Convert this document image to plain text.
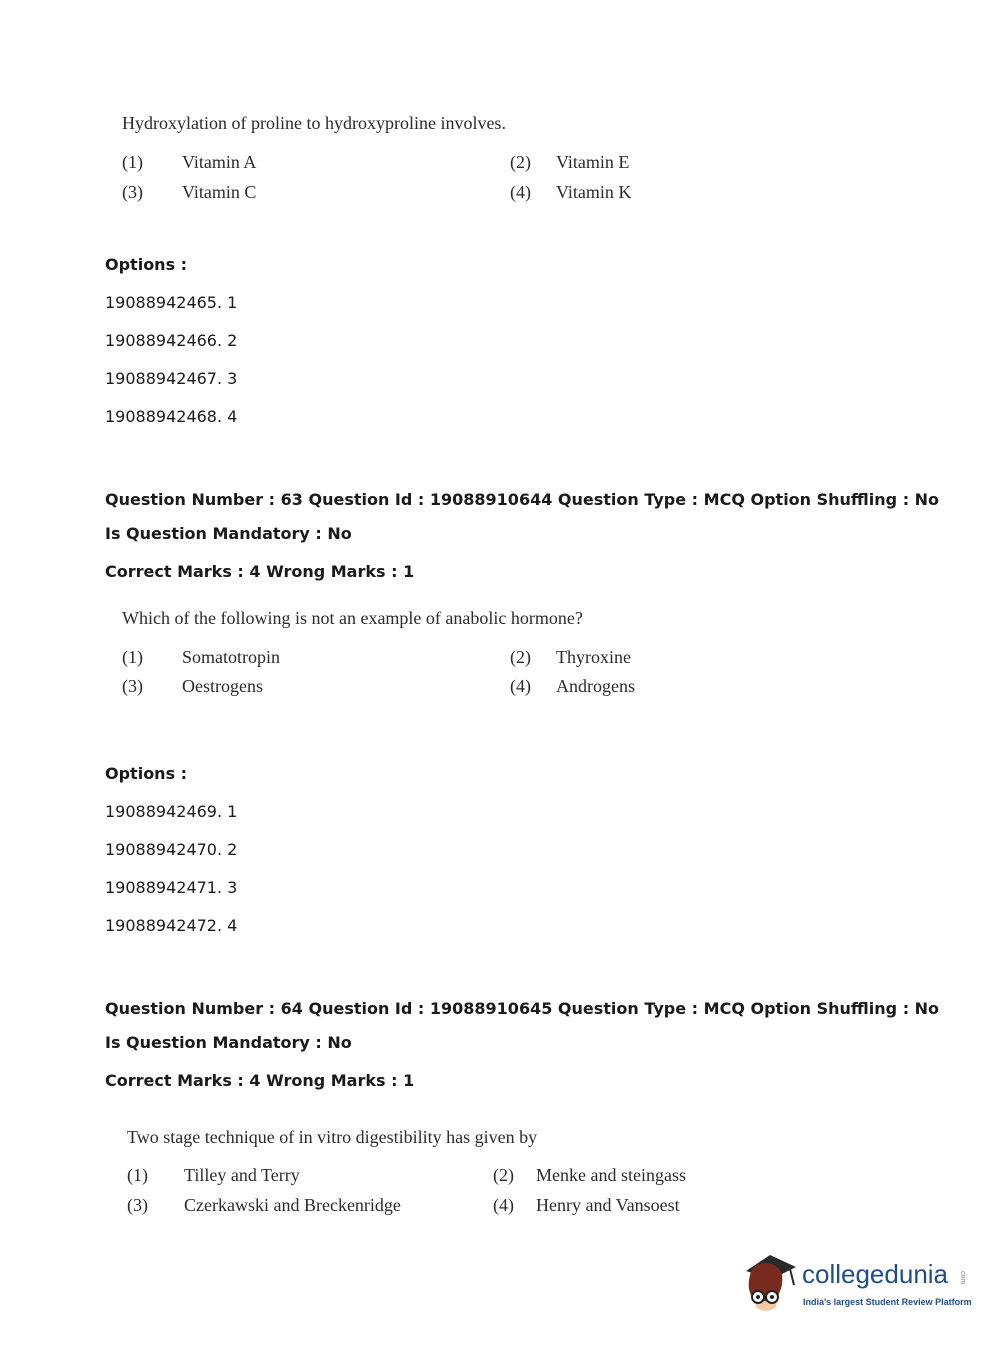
Hydroxylation of proline to hydroxyproline involves.
(1)	Vitamin A	(2)	Vitamin E
(3)	Vitamin C	(4)	Vitamin K
Options :
19088942465. 1
19088942466. 2
19088942467. 3
19088942468. 4
Question Number : 63 Question Id : 19088910644 Question Type : MCQ Option Shuffling : No
Is Question Mandatory : No
Correct Marks : 4 Wrong Marks : 1
Which of the following is not an example of anabolic hormone?
(1)	Somatotropin	(2)	Thyroxine
(3)	Oestrogens	(4)	Androgens
Options :
19088942469. 1
19088942470. 2
19088942471. 3
19088942472. 4
Question Number : 64 Question Id : 19088910645 Question Type : MCQ Option Shuffling : No
Is Question Mandatory : No
Correct Marks : 4 Wrong Marks : 1
Two stage technique of in vitro digestibility has given by
(1)	Tilley and Terry	(2)	Menke and steingass
(3)	Czerkawski and Breckenridge	(4)	Henry and Vansoest
collegedunia .com
India's largest Student Review Platform
